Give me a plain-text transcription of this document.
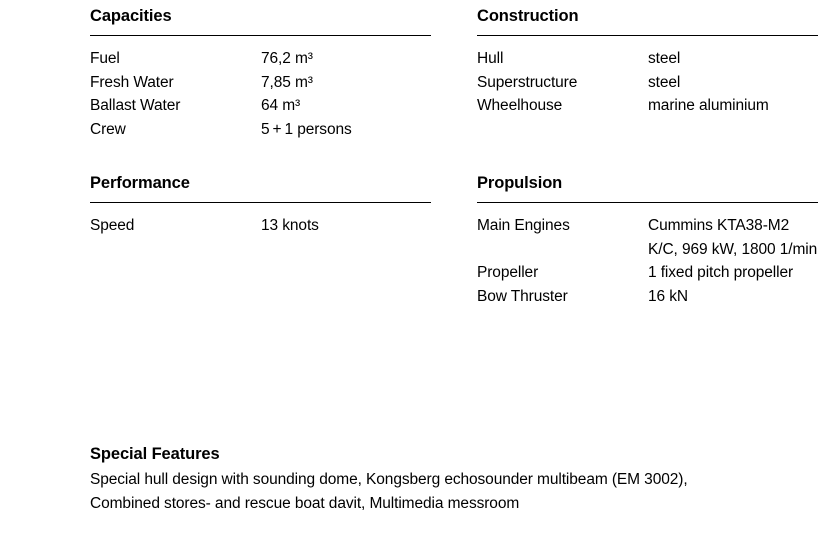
Capacities
Fuel	76,2 m³
Fresh Water	7,85 m³
Ballast Water	64 m³
Crew	5 + 1 persons
Construction
Hull	steel
Superstructure	steel
Wheelhouse	marine aluminium
Performance
Speed	13 knots
Propulsion
Main Engines	Cummins KTA38-M2 K/C, 969 kW, 1800 1/min
Propeller	1 fixed pitch propeller
Bow Thruster	16 kN
Special Features
Special hull design with sounding dome, Kongsberg echosounder multibeam (EM 3002), Combined stores- and rescue boat davit, Multimedia messroom
